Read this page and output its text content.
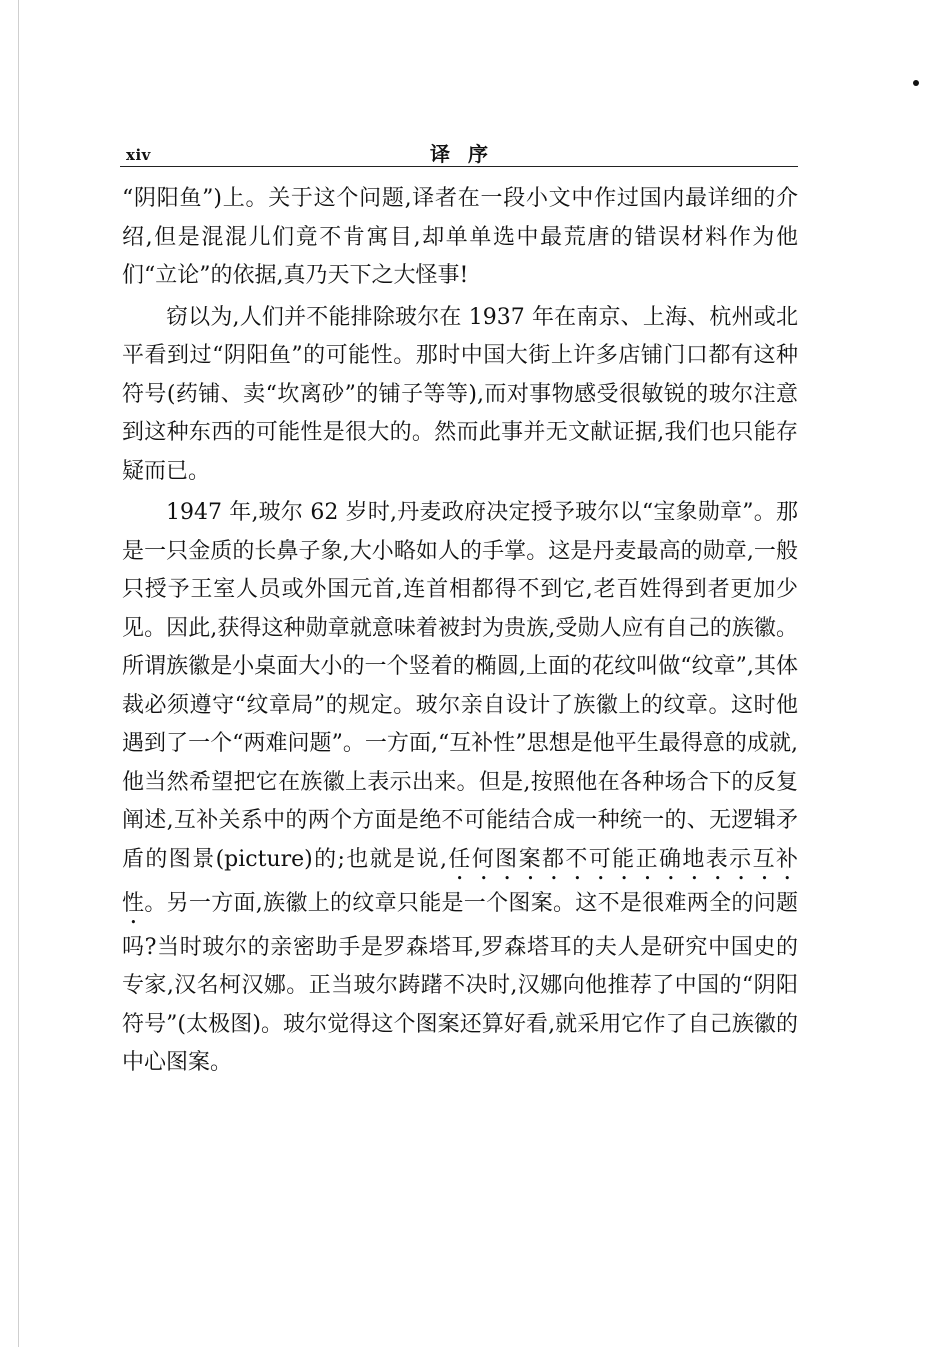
xiv	译序

“阴阳鱼”)上。关于这个问题,译者在一段小文中作过国内最详细的介绍,但是混混儿们竟不肯寓目,却单单选中最荒唐的错误材料作为他们“立论”的依据,真乃天下之大怪事!

窃以为,人们并不能排除玻尔在 1937 年在南京、上海、杭州或北平看到过“阴阳鱼”的可能性。那时中国大街上许多店铺门口都有这种符号(药铺、卖“坎离砂”的铺子等等),而对事物感受很敏锐的玻尔注意到这种东西的可能性是很大的。然而此事并无文献证据,我们也只能存疑而已。

1947 年,玻尔 62 岁时,丹麦政府决定授予玻尔以“宝象勋章”。那是一只金质的长鼻子象,大小略如人的手掌。这是丹麦最高的勋章,一般只授予王室人员或外国元首,连首相都得不到它,老百姓得到者更加少见。因此,获得这种勋章就意味着被封为贵族,受勋人应有自己的族徽。所谓族徽是小桌面大小的一个竖着的椭圆,上面的花纹叫做“纹章”,其体裁必须遵守“纹章局”的规定。玻尔亲自设计了族徽上的纹章。这时他遇到了一个“两难问题”。一方面,“互补性”思想是他平生最得意的成就,他当然希望把它在族徽上表示出来。但是,按照他在各种场合下的反复阐述,互补关系中的两个方面是绝不可能结合成一种统一的、无逻辑矛盾的图景(picture)的;也就是说,任何图案都不可能正确地表示互补性。另一方面,族徽上的纹章只能是一个图案。这不是很难两全的问题吗?当时玻尔的亲密助手是罗森塔耳,罗森塔耳的夫人是研究中国史的专家,汉名柯汉娜。正当玻尔踌躇不决时,汉娜向他推荐了中国的“阴阳符号”(太极图)。玻尔觉得这个图案还算好看,就采用它作了自己族徽的中心图案。
